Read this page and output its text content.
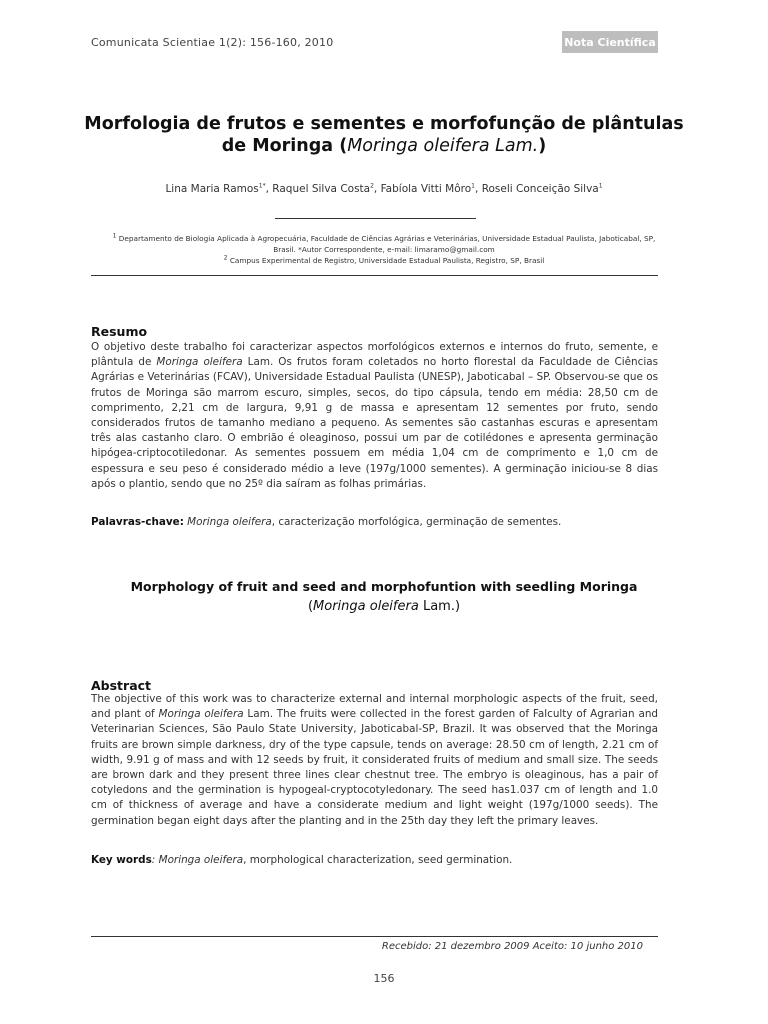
Comunicata Scientiae 1(2): 156-160, 2010	Nota Científica
Morfologia de frutos e sementes e morfofunção de plântulas
de Moringa (Moringa oleifera Lam.)
Lina Maria Ramos$^{1*}$, Raquel Silva Costa$^2$, Fabíola Vitti Môro$^1$, Roseli Conceição Silva$^1$
$^1$ Departamento de Biologia Aplicada à Agropecuária, Faculdade de Ciências Agrárias e Veterinárias, Universidade Estadual Paulista, Jaboticabal, SP,
Brasil. *Autor Correspondente, e-mail: limaramo@gmail.com
$^2$ Campus Experimental de Registro, Universidade Estadual Paulista, Registro, SP, Brasil
Resumo
O objetivo deste trabalho foi caracterizar aspectos morfológicos externos e internos do fruto, semente, e plântula de Moringa oleifera Lam. Os frutos foram coletados no horto florestal da Faculdade de Ciências Agrárias e Veterinárias (FCAV), Universidade Estadual Paulista (UNESP), Jaboticabal – SP. Observou-se que os frutos de Moringa são marrom escuro, simples, secos, do tipo cápsula, tendo em média: 28,50 cm de comprimento, 2,21 cm de largura, 9,91 g de massa e apresentam 12 sementes por fruto, sendo considerados frutos de tamanho mediano a pequeno. As sementes são castanhas escuras e apresentam três alas castanho claro. O embrião é oleaginoso, possui um par de cotilédones e apresenta germinação hipógea-criptocotiledonar. As sementes possuem em média 1,04 cm de comprimento e 1,0 cm de espessura e seu peso é considerado médio a leve (197g/1000 sementes). A germinação iniciou-se 8 dias após o plantio, sendo que no 25º dia saíram as folhas primárias.
Palavras-chave: Moringa oleifera, caracterização morfológica, germinação de sementes.
Morphology of fruit and seed and morphofuntion with seedling Moringa
(Moringa oleifera Lam.)
Abstract
The objective of this work was to characterize external and internal morphologic aspects of the fruit, seed, and plant of Moringa oleifera Lam. The fruits were collected in the forest garden of Falculty of Agrarian and Veterinarian Sciences, São Paulo State University, Jaboticabal-SP, Brazil. It was observed that the Moringa fruits are brown simple darkness, dry of the type capsule, tends on average: 28.50 cm of length, 2.21 cm of width, 9.91 g of mass and with 12 seeds by fruit, it considerated fruits of medium and small size. The seeds are brown dark and they present three lines clear chestnut tree. The embryo is oleaginous, has a pair of cotyledons and the germination is hypogeal-cryptocotyledonary. The seed has1.037 cm of length and 1.0 cm of thickness of average and have a considerate medium and light weight (197g/1000 seeds). The germination began eight days after the planting and in the 25th day they left the primary leaves.
Key words: Moringa oleifera, morphological characterization, seed germination.
Recebido: 21 dezembro 2009 Aceito: 10 junho 2010
156
